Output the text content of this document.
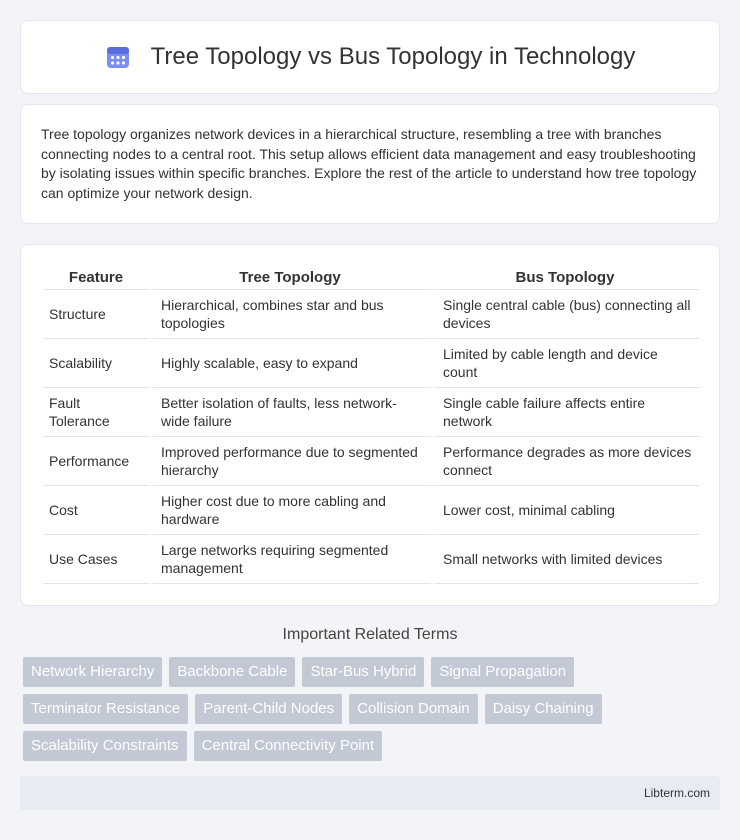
Tree Topology vs Bus Topology in Technology

Tree topology organizes network devices in a hierarchical structure, resembling a tree with branches connecting nodes to a central root. This setup allows efficient data management and easy troubleshooting by isolating issues within specific branches. Explore the rest of the article to understand how tree topology can optimize your network design.

Feature	Tree Topology	Bus Topology
Structure	Hierarchical, combines star and bus topologies	Single central cable (bus) connecting all devices
Scalability	Highly scalable, easy to expand	Limited by cable length and device count
Fault Tolerance	Better isolation of faults, less network-wide failure	Single cable failure affects entire network
Performance	Improved performance due to segmented hierarchy	Performance degrades as more devices connect
Cost	Higher cost due to more cabling and hardware	Lower cost, minimal cabling
Use Cases	Large networks requiring segmented management	Small networks with limited devices
Important Related Terms
Network Hierarchy	Backbone Cable	Star-Bus Hybrid	Signal Propagation
Terminator Resistance	Parent-Child Nodes	Collision Domain	Daisy Chaining
Scalability Constraints	Central Connectivity Point
Libterm.com
